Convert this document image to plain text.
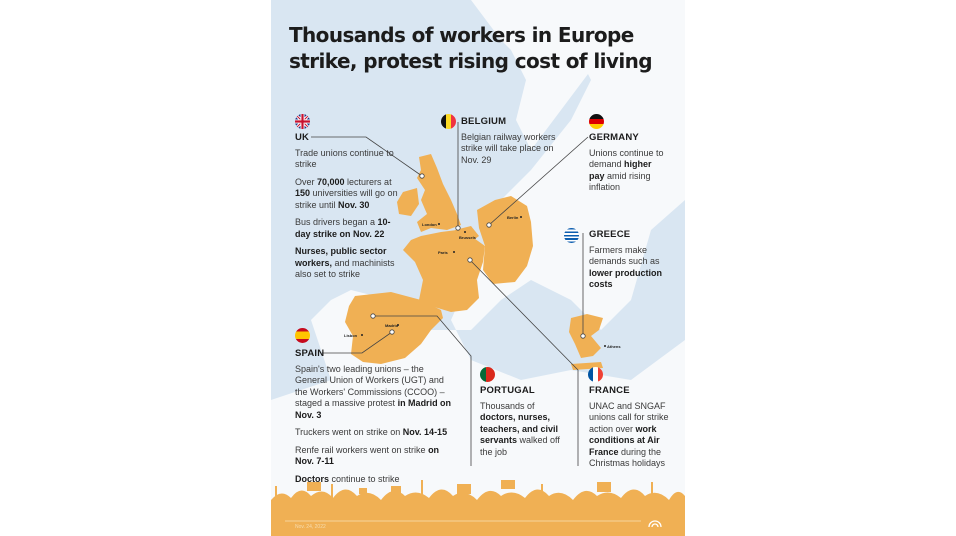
Thousands of workers in Europe strike, protest rising cost of living
London
Paris
Brussels
Berlin
Madrid
Lisbon
Athens
UK

Trade unions continue to strike

Over 70,000 lecturers at 150 universities will go on strike until Nov. 30

Bus drivers began a 10-day strike on Nov. 22

Nurses, public sector workers, and machinists also set to strike

BELGIUM

Belgian railway workers strike will take place on Nov. 29

GERMANY

Unions continue to demand higher pay amid rising inflation

GREECE

Farmers make demands such as lower production costs

SPAIN

Spain's two leading unions – the General Union of Workers (UGT) and the Workers' Commissions (CCOO) – staged a massive protest in Madrid on Nov. 3

Truckers went on strike on Nov. 14-15

Renfe rail workers went on strike on Nov. 7-11

Doctors continue to strike

PORTUGAL

Thousands of doctors, nurses, teachers, and civil servants walked off the job

FRANCE

UNAC and SNGAF unions call for strike action over work conditions at Air France during the Christmas holidays

Nov. 24, 2022
